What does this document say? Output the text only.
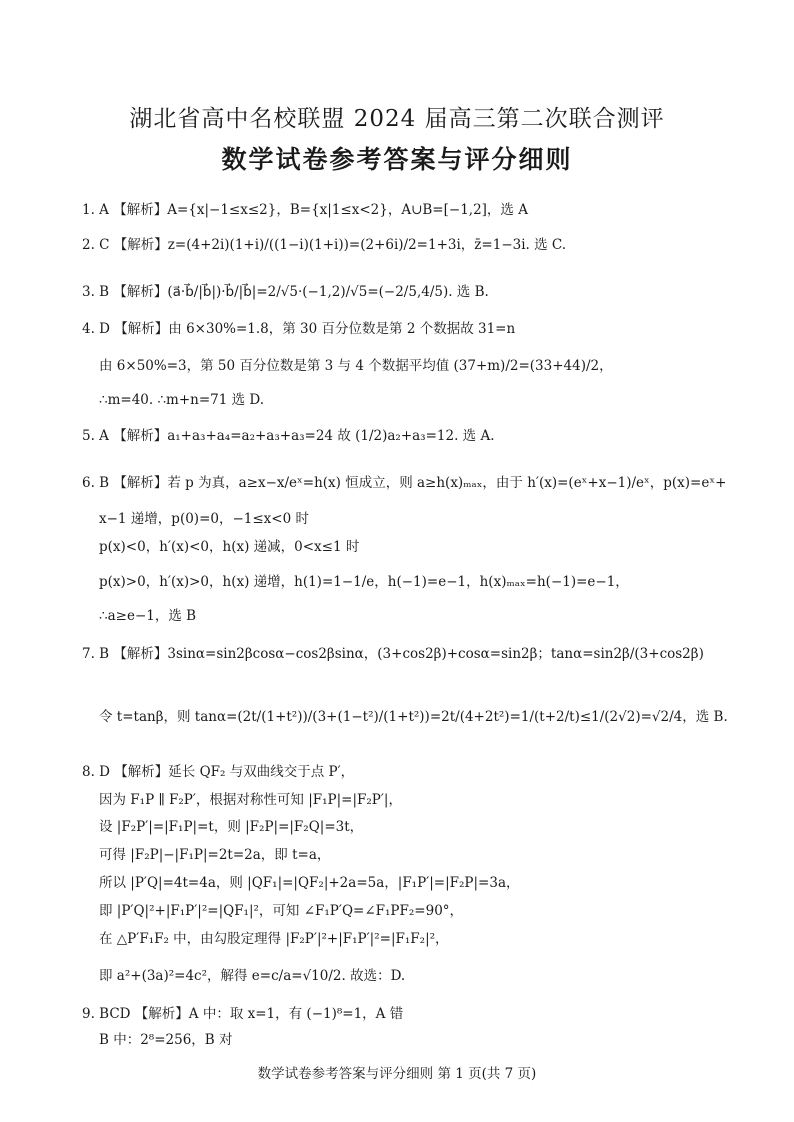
湖北省高中名校联盟 2024 届高三第二次联合测评
数学试卷参考答案与评分细则
1. A 【解析】A={x|−1≤x≤2}，B={x|1≤x<2}，A∪B=[−1,2]，选 A
2. C 【解析】z=(4+2i)(1+i)/((1−i)(1+i))=(2+6i)/2=1+3i，z̄=1−3i. 选 C.
3. B 【解析】(a⃗·b⃗/|b⃗|)·b⃗/|b⃗|=2/√5·(−1,2)/√5=(−2/5,4/5). 选 B.
4. D 【解析】由 6×30%=1.8，第 30 百分位数是第 2 个数据故 31=n
由 6×50%=3，第 50 百分位数是第 3 与 4 个数据平均值 (37+m)/2=(33+44)/2，
∴m=40. ∴m+n=71 选 D.
5. A 【解析】a₁+a₃+a₄=a₂+a₃+a₃=24 故 (1/2)a₂+a₃=12. 选 A.
6. B 【解析】若 p 为真，a≥x−x/eˣ=h(x) 恒成立，则 a≥h(x)ₘₐₓ，由于 h′(x)=(eˣ+x−1)/eˣ，p(x)=eˣ+
x−1 递增，p(0)=0，−1≤x<0 时
p(x)<0，h′(x)<0，h(x) 递减，0<x≤1 时
p(x)>0，h′(x)>0，h(x) 递增，h(1)=1−1/e，h(−1)=e−1，h(x)ₘₐₓ=h(−1)=e−1，
∴a≥e−1，选 B
7. B 【解析】3sinα=sin2βcosα−cos2βsinα，(3+cos2β)+cosα=sin2β；tanα=sin2β/(3+cos2β)
令 t=tanβ，则 tanα=(2t/(1+t²))/(3+(1−t²)/(1+t²))=2t/(4+2t²)=1/(t+2/t)≤1/(2√2)=√2/4，选 B.
8. D 【解析】延长 QF₂ 与双曲线交于点 P′，
因为 F₁P ∥ F₂P′，根据对称性可知 |F₁P|=|F₂P′|，
设 |F₂P′|=|F₁P|=t，则 |F₂P|=|F₂Q|=3t，
可得 |F₂P|−|F₁P|=2t=2a，即 t=a，
所以 |P′Q|=4t=4a，则 |QF₁|=|QF₂|+2a=5a，|F₁P′|=|F₂P|=3a，
即 |P′Q|²+|F₁P′|²=|QF₁|²，可知 ∠F₁P′Q=∠F₁PF₂=90°，
在 △P′F₁F₂ 中，由勾股定理得 |F₂P′|²+|F₁P′|²=|F₁F₂|²，
即 a²+(3a)²=4c²，解得 e=c/a=√10/2. 故选：D.
9. BCD 【解析】A 中：取 x=1，有 (−1)⁸=1，A 错
B 中：2⁸=256，B 对
数学试卷参考答案与评分细则 第 1 页(共 7 页)
